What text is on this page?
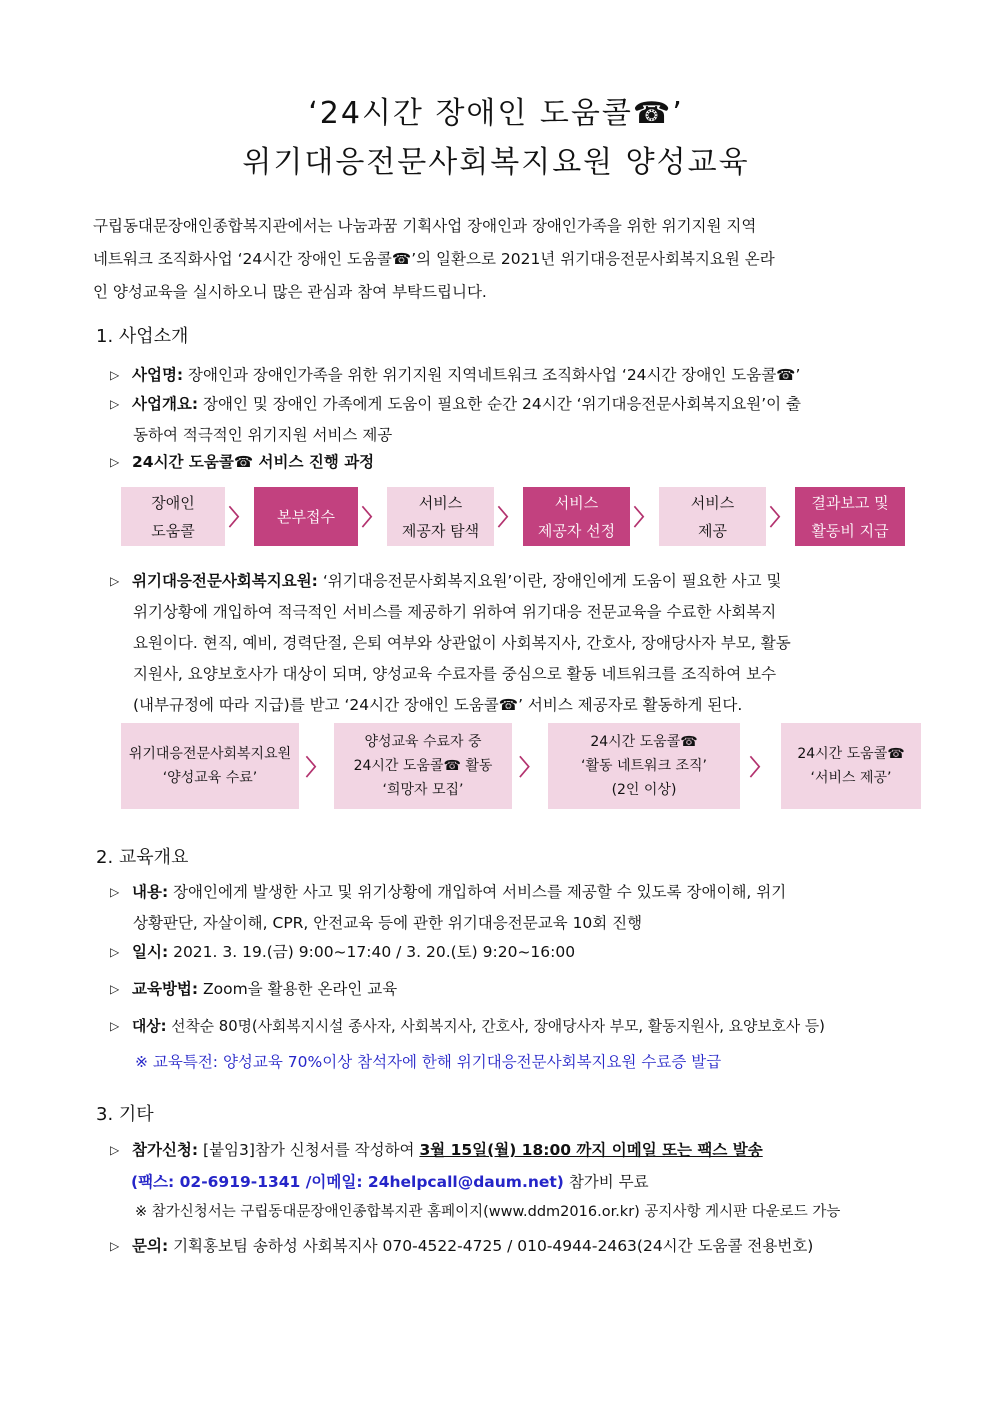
‘24시간 장애인 도움콜☎’
위기대응전문사회복지요원 양성교육
구립동대문장애인종합복지관에서는 나눔과꿈 기획사업 장애인과 장애인가족을 위한 위기지원 지역
네트워크 조직화사업 ‘24시간 장애인 도움콜☎’의 일환으로 2021년 위기대응전문사회복지요원 온라
인 양성교육을 실시하오니 많은 관심과 참여 부탁드립니다.
1. 사업소개
▷ 사업명: 장애인과 장애인가족을 위한 위기지원 지역네트워크 조직화사업 ‘24시간 장애인 도움콜☎’
▷ 사업개요: 장애인 및 장애인 가족에게 도움이 필요한 순간 24시간 ‘위기대응전문사회복지요원’이 출
동하여 적극적인 위기지원 서비스 제공
▷ 24시간 도움콜☎ 서비스 진행 과정
장애인
도움콜 〉 본부접수 〉
서비스
제공자 탐색 〉
서비스
제공자 선정 〉
서비스
제공	〉
결과보고 및
활동비 지급
▷ 위기대응전문사회복지요원: ‘위기대응전문사회복지요원’이란, 장애인에게 도움이 필요한 사고 및
위기상황에 개입하여 적극적인 서비스를 제공하기 위하여 위기대응 전문교육을 수료한 사회복지
요원이다. 현직, 예비, 경력단절, 은퇴 여부와 상관없이 사회복지사, 간호사, 장애당사자 부모, 활동
지원사, 요양보호사가 대상이 되며, 양성교육 수료자를 중심으로 활동 네트워크를 조직하여 보수
(내부규정에 따라 지급)를 받고 ‘24시간 장애인 도움콜☎’ 서비스 제공자로 활동하게 된다.
위기대응전문사회복지요원
‘양성교육 수료’	〉
양성교육 수료자 중
24시간 도움콜☎ 활동
‘희망자 모집’
〉
24시간 도움콜☎
‘활동 네트워크 조직’
(2인 이상)
〉
24시간 도움콜☎
‘서비스 제공’
2. 교육개요
▷ 내용: 장애인에게 발생한 사고 및 위기상황에 개입하여 서비스를 제공할 수 있도록 장애이해, 위기
상황판단, 자살이해, CPR, 안전교육 등에 관한 위기대응전문교육 10회 진행
▷ 일시: 2021. 3. 19.(금) 9:00~17:40 / 3. 20.(토) 9:20~16:00
▷ 교육방법: Zoom을 활용한 온라인 교육
▷ 대상: 선착순 80명(사회복지시설 종사자, 사회복지사, 간호사, 장애당사자 부모, 활동지원사, 요양보호사 등)
※ 교육특전: 양성교육 70%이상 참석자에 한해 위기대응전문사회복지요원 수료증 발급
3. 기타
▷ 참가신청: [붙임3]참가 신청서를 작성하여 3월 15일(월) 18:00 까지 이메일 또는 팩스 발송
(팩스: 02-6919-1341 /이메일: 24helpcall@daum.net) 참가비 무료
※ 참가신청서는 구립동대문장애인종합복지관 홈페이지(www.ddm2016.or.kr) 공지사항 게시판 다운로드 가능
▷ 문의: 기획홍보팀 송하성 사회복지사 070-4522-4725 / 010-4944-2463(24시간 도움콜 전용번호)
